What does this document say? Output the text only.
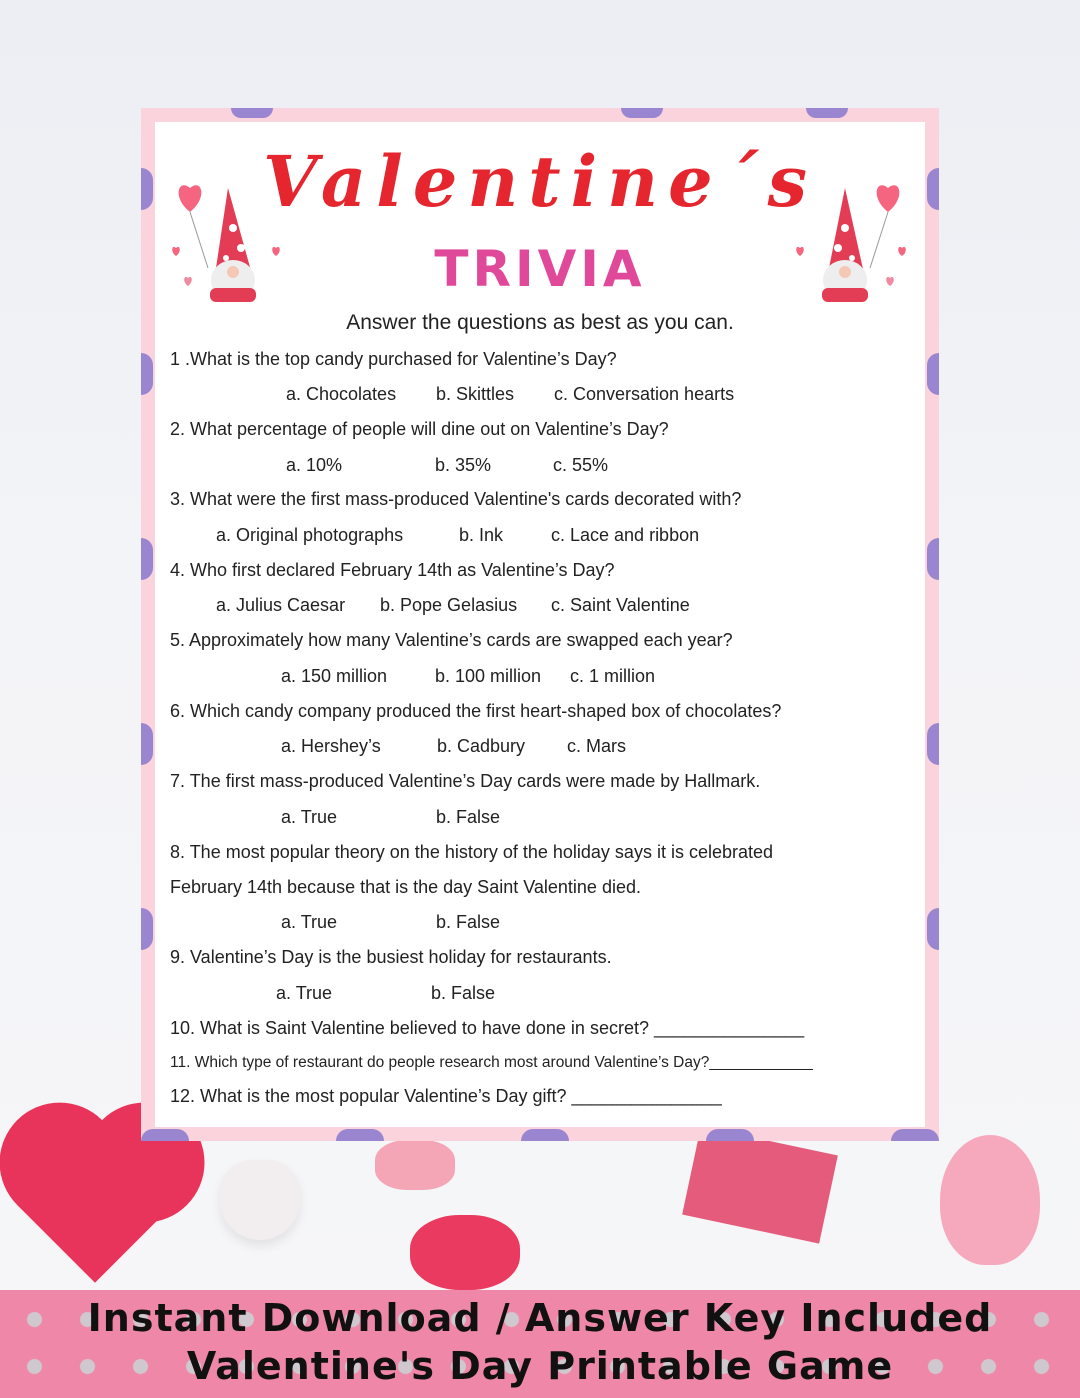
Valentine´s
TRIVIA
Answer the questions as best as you can.
1 .What is the top candy purchased for Valentine’s Day?
a. Chocolates b. Skittles c. Conversation hearts
2. What percentage of people will dine out on Valentine’s Day?
a. 10%	b. 35%	c. 55%
3. What were the first mass-produced Valentine's cards decorated with?
a. Original photographs	b. Ink	c. Lace and ribbon
4. Who first declared February 14th as Valentine’s Day?
a. Julius Caesar b. Pope Gelasius c. Saint Valentine
5. Approximately how many Valentine’s cards are swapped each year?
a. 150 million	b. 100 million c. 1 million
6. Which candy company produced the first heart-shaped box of chocolates?
a. Hershey’s	b. Cadbury c. Mars
7. The first mass-produced Valentine’s Day cards were made by Hallmark.
a. True	b. False
8. The most popular theory on the history of the holiday says it is celebrated
February 14th because that is the day Saint Valentine died.
a. True	b. False
9. Valentine’s Day is the busiest holiday for restaurants.
a. True	b. False
10. What is Saint Valentine believed to have done in secret? _______________
11. Which type of restaurant do people research most around Valentine’s Day?____________
12. What is the most popular Valentine’s Day gift? _______________
Instant Download / Answer Key Included
Valentine's Day Printable Game
